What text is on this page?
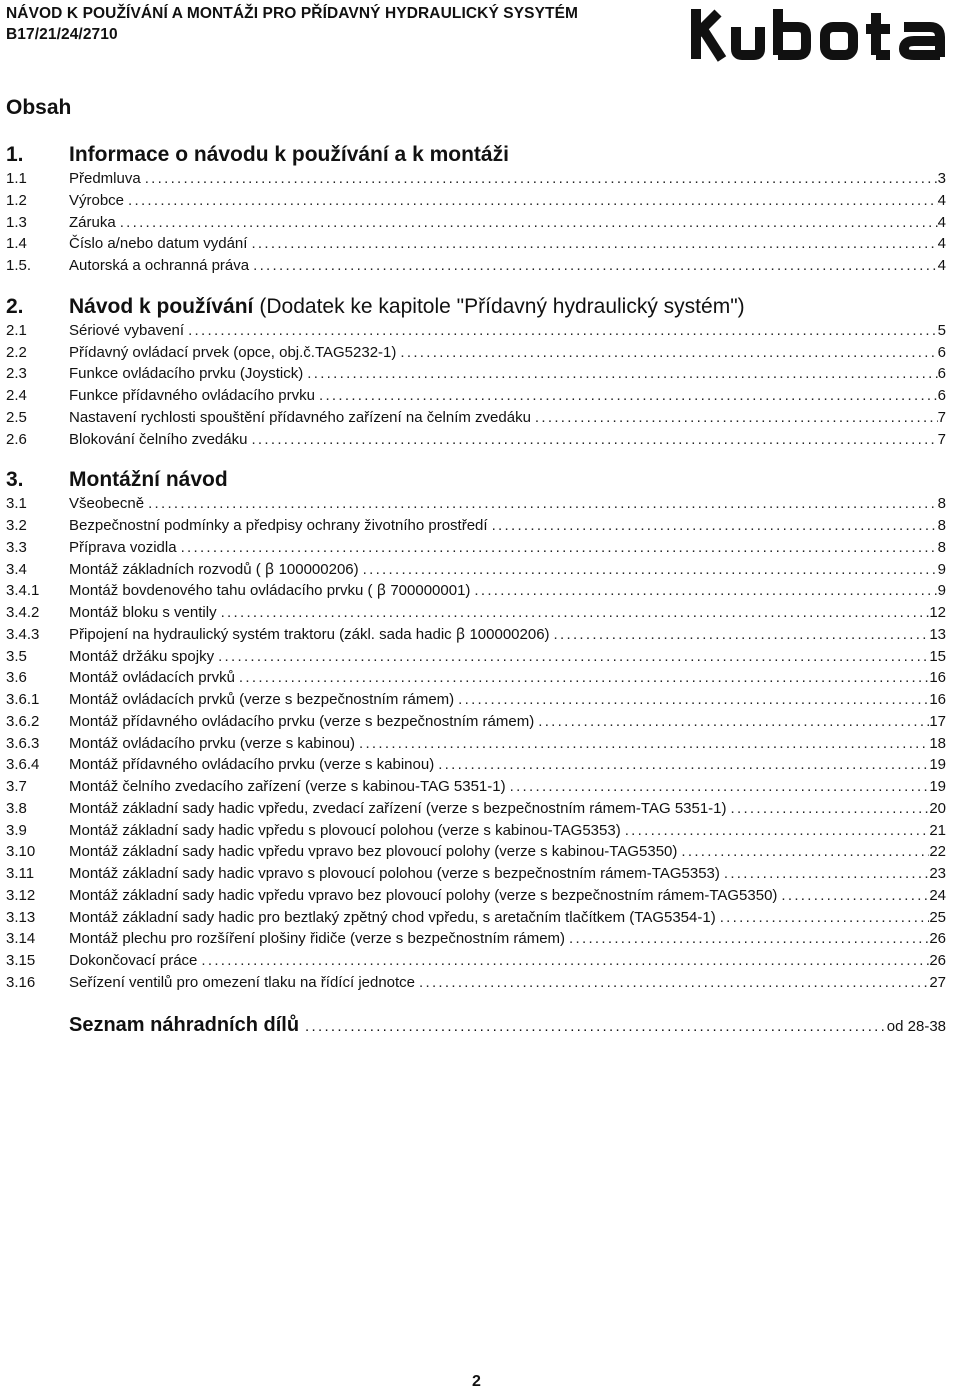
NÁVOD K POUŽÍVÁNÍ A MONTÁŽI PRO PŘÍDAVNÝ HYDRAULICKÝ SYSYTÉM
B17/21/24/2710
Obsah
1.	Informace o návodu k používání a k montáži
1.1	Předmluva .....	3
1.2	Výrobce .....	4
1.3	Záruka .....	4
1.4	Číslo a/nebo datum vydání .....	4
1.5.	Autorská a ochranná práva .....	4
2.	Návod k používání (Dodatek ke kapitole "Přídavný hydraulický systém")
2.1	Sériové vybavení .....	5
2.2	Přídavný ovládací prvek (opce, obj.č.TAG5232-1) .....	6
2.3	Funkce ovládacího prvku (Joystick) .....	6
2.4	Funkce přídavného ovládacího prvku .....	6
2.5	Nastavení rychlosti spouštění přídavného zařízení na čelním zvedáku .....	7
2.6	Blokování čelního zvedáku .....	7
3.	Montážní návod
3.1	Všeobecně .....	8
3.2	Bezpečnostní podmínky a předpisy ochrany životního prostředí .....	8
3.3	Příprava vozidla .....	8
3.4	Montáž základních rozvodů ( ꞵ 100000206) .....	9
3.4.1	Montáž bovdenového tahu ovládacího prvku ( ꞵ 700000001) .....	9
3.4.2	Montáž bloku s ventily .....	12
3.4.3	Připojení na hydraulický systém traktoru (zákl. sada hadic ꞵ 100000206) .....	13
3.5	Montáž držáku spojky .....	15
3.6	Montáž ovládacích prvků .....	16
3.6.1	Montáž ovládacích prvků (verze s bezpečnostním rámem) .....	16
3.6.2	Montáž přídavného ovládacího prvku (verze s bezpečnostním rámem) .....	17
3.6.3	Montáž ovládacího prvku (verze s kabinou) .....	18
3.6.4	Montáž přídavného ovládacího prvku (verze s kabinou) .....	19
3.7	Montáž čelního zvedacího zařízení (verze s kabinou-TAG 5351-1) .....	19
3.8	Montáž základní sady hadic vpředu, zvedací zařízení (verze s bezpečnostním rámem-TAG 5351-1) .....	20
3.9	Montáž základní sady hadic vpředu s plovoucí polohou (verze s kabinou-TAG5353) .....	21
3.10	Montáž základní sady hadic vpředu vpravo bez plovoucí polohy (verze s kabinou-TAG5350) .....	22
3.11	Montáž základní sady hadic vpravo s plovoucí polohou (verze s bezpečnostním rámem-TAG5353) .....	23
3.12	Montáž základní sady hadic vpředu vpravo bez plovoucí polohy (verze s bezpečnostním rámem-TAG5350) .....	24
3.13	Montáž základní sady hadic pro beztlaký zpětný chod vpředu, s aretačním tlačítkem (TAG5354-1) .....	25
3.14	Montáž plechu pro rozšíření plošiny řidiče (verze s bezpečnostním rámem) .....	26
3.15	Dokončovací práce .....	26
3.16	Seřízení ventilů pro omezení tlaku na řídící jednotce .....	27
Seznam náhradních dílů .....	od 28-38
2
